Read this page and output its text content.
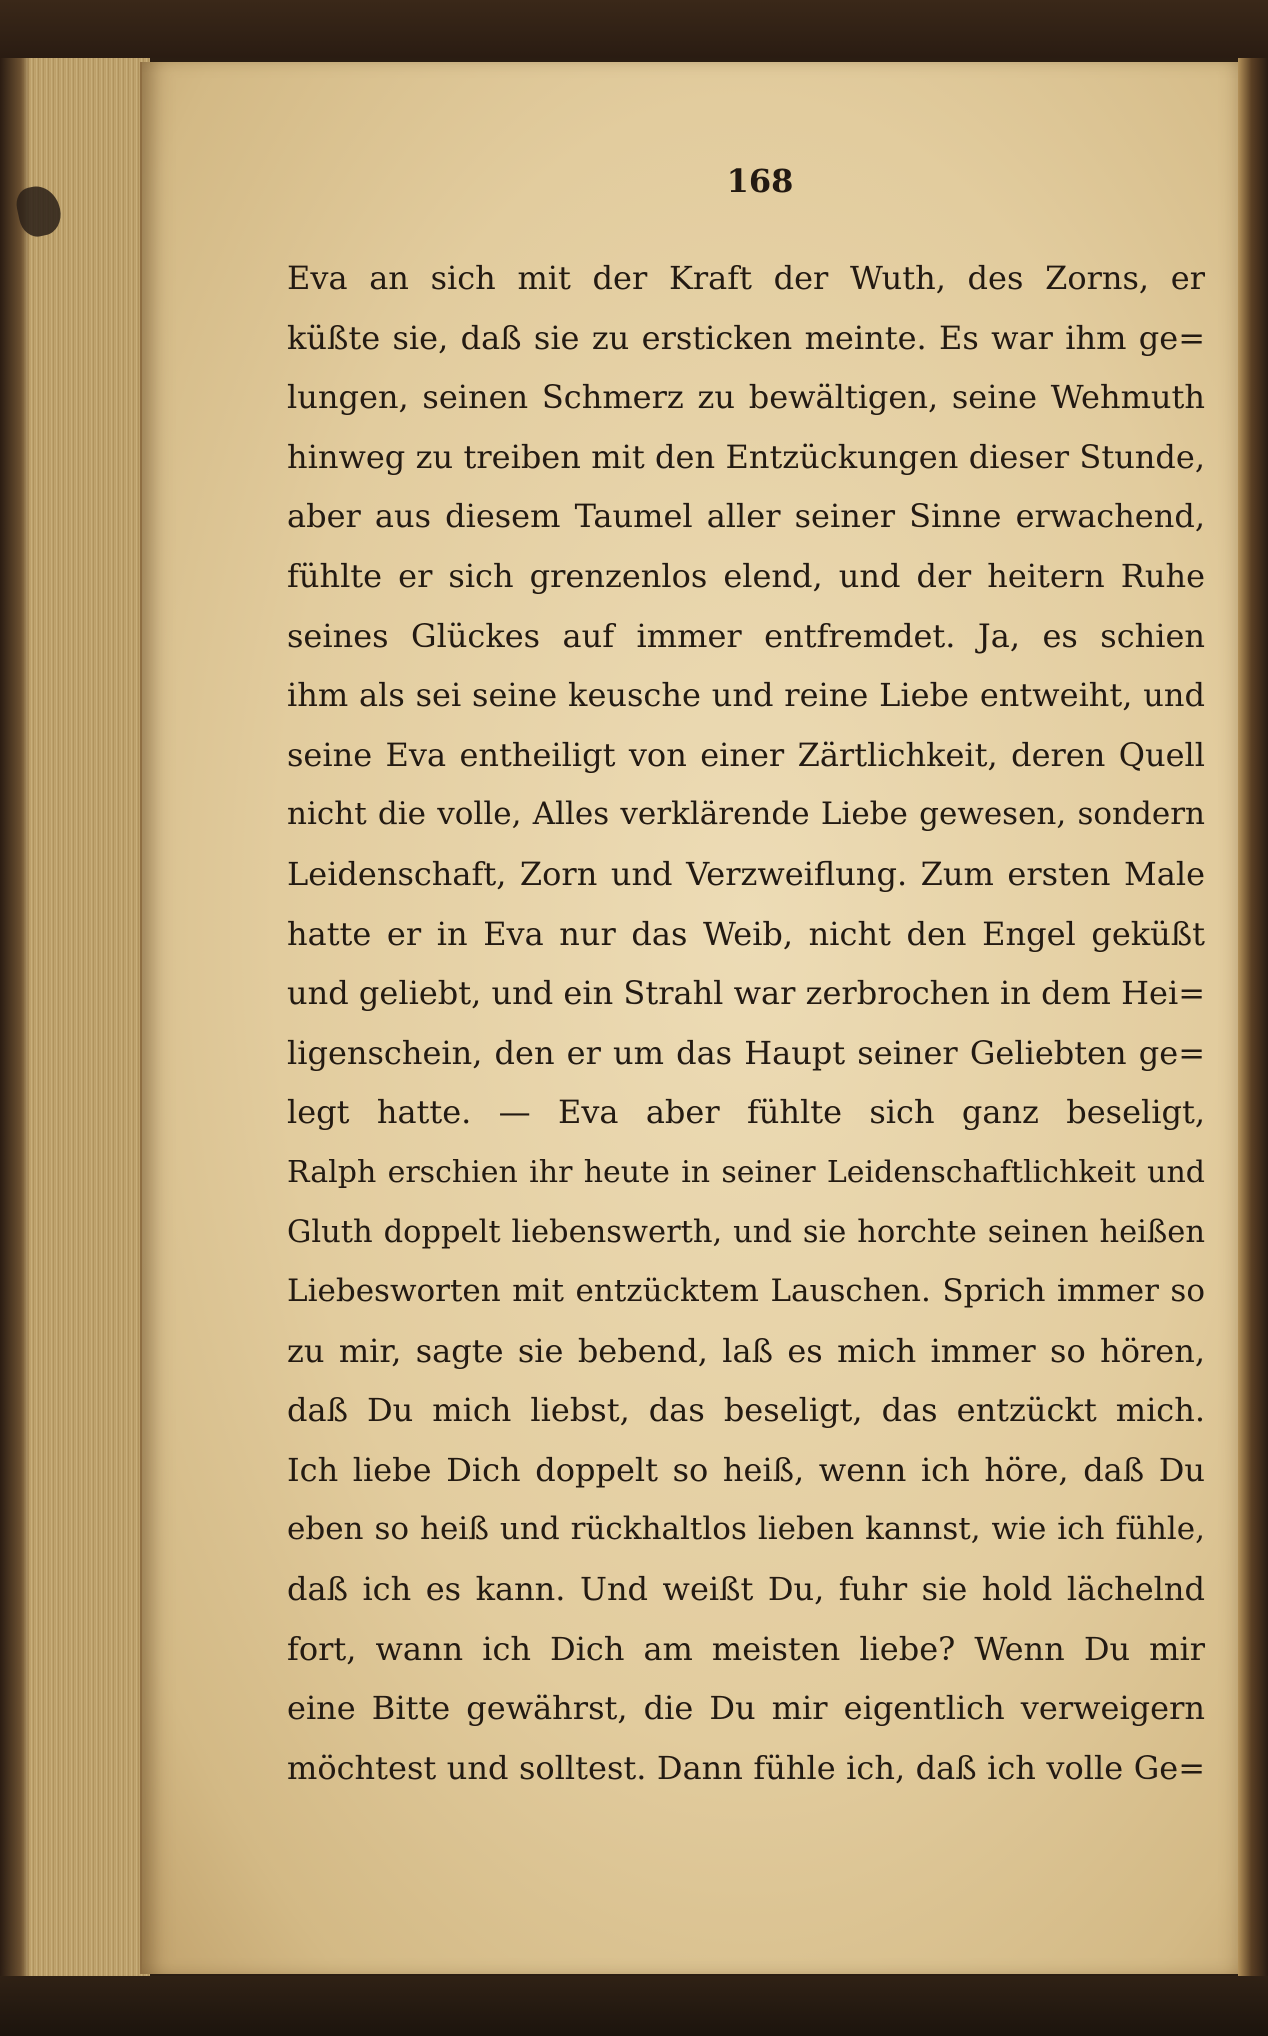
168
Eva an sich mit der Kraft der Wuth, des Zorns, er
küßte sie, daß sie zu ersticken meinte. Es war ihm ge=
lungen, seinen Schmerz zu bewältigen, seine Wehmuth
hinweg zu treiben mit den Entzückungen dieser Stunde,
aber aus diesem Taumel aller seiner Sinne erwachend,
fühlte er sich grenzenlos elend, und der heitern Ruhe
seines Glückes auf immer entfremdet. Ja, es schien
ihm als sei seine keusche und reine Liebe entweiht, und
seine Eva entheiligt von einer Zärtlichkeit, deren Quell
nicht die volle, Alles verklärende Liebe gewesen, sondern
Leidenschaft, Zorn und Verzweiflung. Zum ersten Male
hatte er in Eva nur das Weib, nicht den Engel geküßt
und geliebt, und ein Strahl war zerbrochen in dem Hei=
ligenschein, den er um das Haupt seiner Geliebten ge=
legt hatte. — Eva aber fühlte sich ganz beseligt,
Ralph erschien ihr heute in seiner Leidenschaftlichkeit und
Gluth doppelt liebenswerth, und sie horchte seinen heißen
Liebesworten mit entzücktem Lauschen. Sprich immer so
zu mir, sagte sie bebend, laß es mich immer so hören,
daß Du mich liebst, das beseligt, das entzückt mich.
Ich liebe Dich doppelt so heiß, wenn ich höre, daß Du
eben so heiß und rückhaltlos lieben kannst, wie ich fühle,
daß ich es kann. Und weißt Du, fuhr sie hold lächelnd
fort, wann ich Dich am meisten liebe? Wenn Du mir
eine Bitte gewährst, die Du mir eigentlich verweigern
möchtest und solltest. Dann fühle ich, daß ich volle Ge=
